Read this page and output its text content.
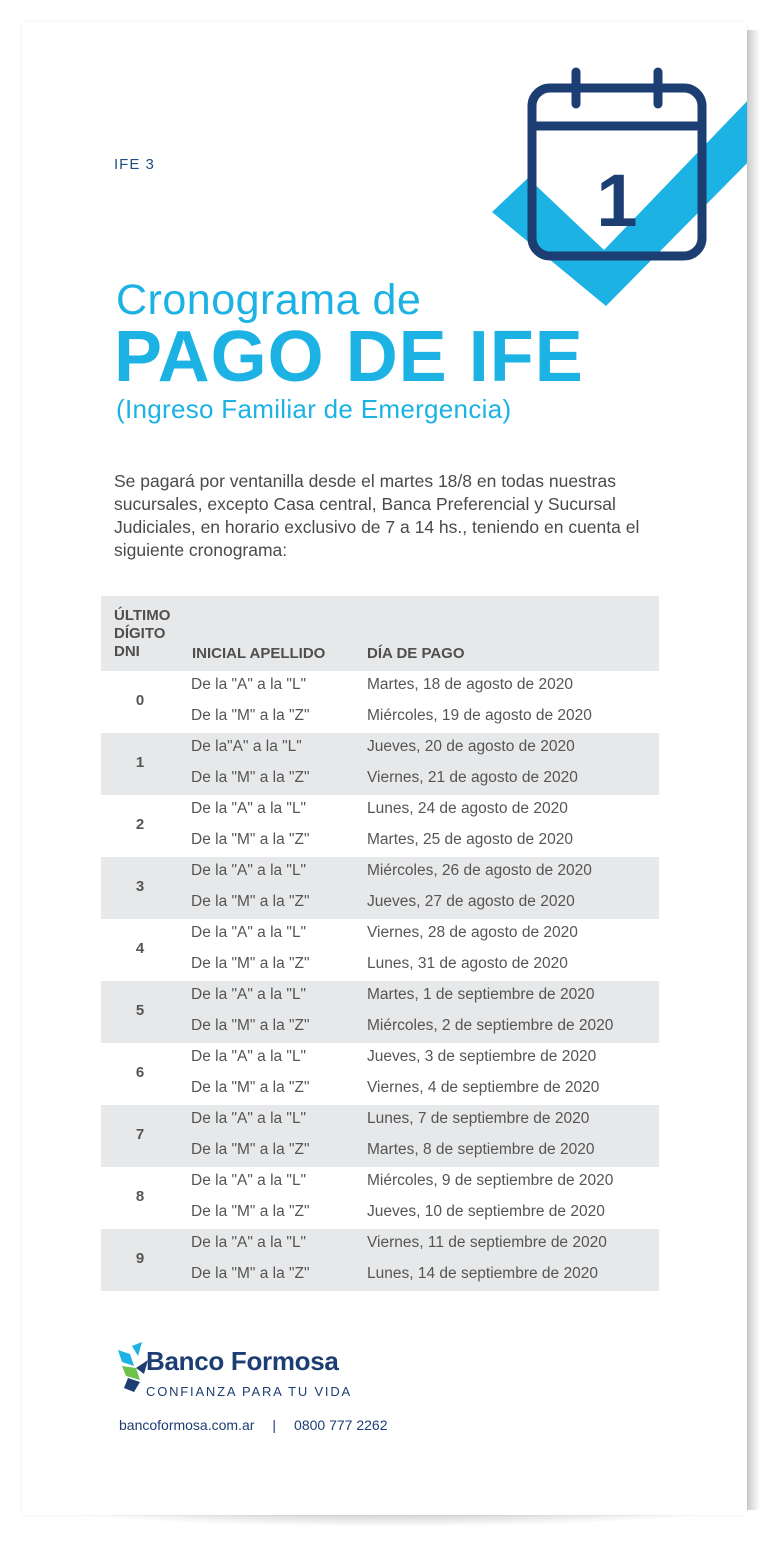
IFE 3	1
Cronograma de
PAGO DE IFE
(Ingreso Familiar de Emergencia)
Se pagará por ventanilla desde el martes 18/8 en todas nuestras sucursales, excepto Casa central, Banca Preferencial y Sucursal Judiciales, en horario exclusivo de 7 a 14 hs., teniendo en cuenta el siguiente cronograma:
ÚLTIMO
DÍGITO
DNI	INICIAL APELLIDO	DÍA DE PAGO
0
De la "A" a la "L"	Martes, 18 de agosto de 2020
De la "M" a la "Z"	Miércoles, 19 de agosto de 2020
1
De la"A" a la "L"	Jueves, 20 de agosto de 2020
De la "M" a la "Z"	Viernes, 21 de agosto de 2020
2
De la "A" a la "L"	Lunes, 24 de agosto de 2020
De la "M" a la "Z"	Martes, 25 de agosto de 2020
3
De la "A" a la "L"	Miércoles, 26 de agosto de 2020
De la "M" a la "Z"	Jueves, 27 de agosto de 2020
4
De la "A" a la "L"	Viernes, 28 de agosto de 2020
De la "M" a la "Z"	Lunes, 31 de agosto de 2020
5
De la "A" a la "L"	Martes, 1 de septiembre de 2020
De la "M" a la "Z"	Miércoles, 2 de septiembre de 2020
6
De la "A" a la "L"	Jueves, 3 de septiembre de 2020
De la "M" a la "Z"	Viernes, 4 de septiembre de 2020
7
De la "A" a la "L"	Lunes, 7 de septiembre de 2020
De la "M" a la "Z"	Martes, 8 de septiembre de 2020
8
De la "A" a la "L"	Miércoles, 9 de septiembre de 2020
De la "M" a la "Z"	Jueves, 10 de septiembre de 2020
9
De la "A" a la "L"	Viernes, 11 de septiembre de 2020
De la "M" a la "Z"	Lunes, 14 de septiembre de 2020
Banco Formosa
CONFIANZA PARA TU VIDA
bancoformosa.com.ar | 0800 777 2262
